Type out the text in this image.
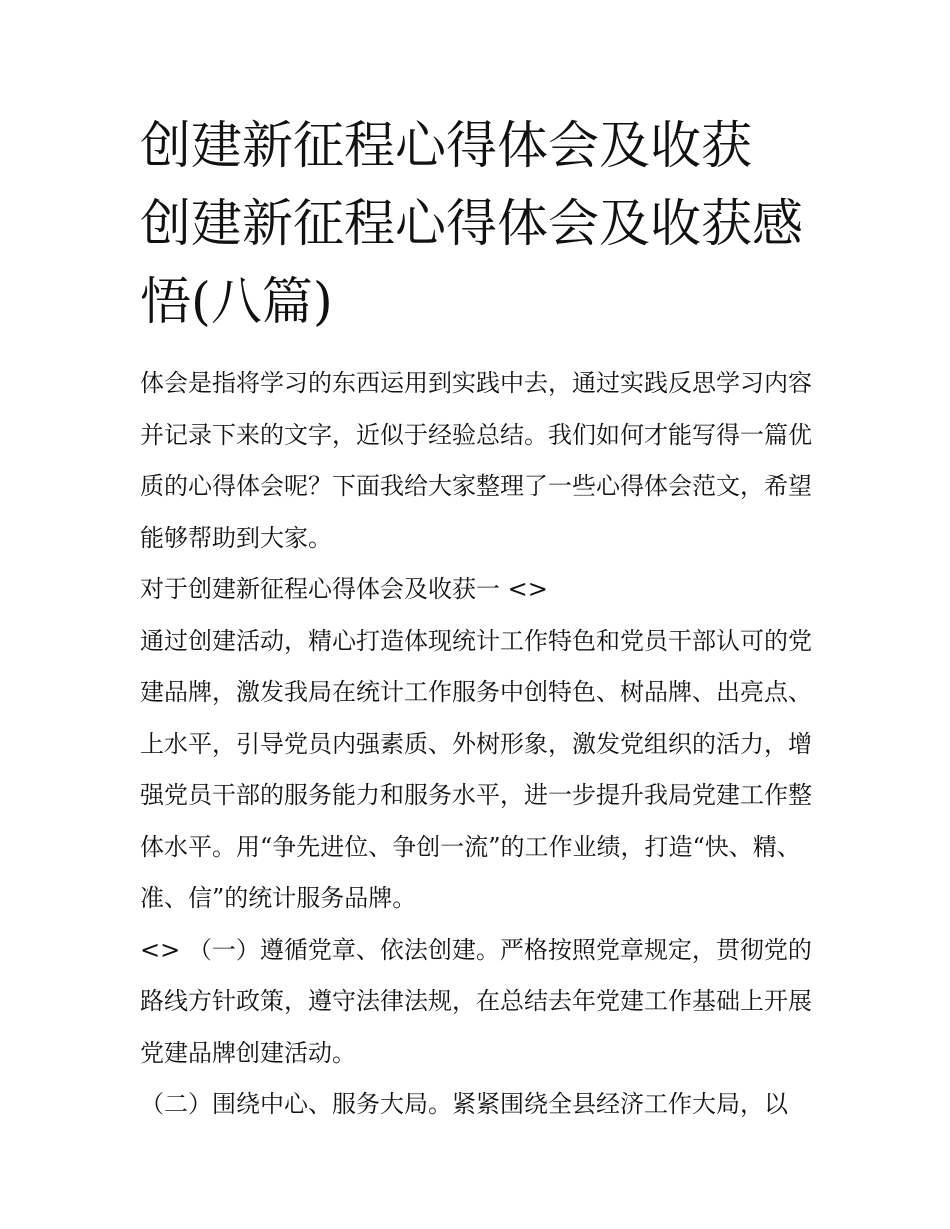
创建新征程心得体会及收获 创建新征程心得体会及收获感悟(八篇)

体会是指将学习的东西运用到实践中去，通过实践反思学习内容并记录下来的文字，近似于经验总结。我们如何才能写得一篇优质的心得体会呢？下面我给大家整理了一些心得体会范文，希望能够帮助到大家。

对于创建新征程心得体会及收获一 <>

通过创建活动，精心打造体现统计工作特色和党员干部认可的党建品牌，激发我局在统计工作服务中创特色、树品牌、出亮点、上水平，引导党员内强素质、外树形象，激发党组织的活力，增强党员干部的服务能力和服务水平，进一步提升我局党建工作整体水平。用“争先进位、争创一流”的工作业绩，打造“快、精、准、信”的统计服务品牌。

<> （一）遵循党章、依法创建。严格按照党章规定，贯彻党的路线方针政策，遵守法律法规，在总结去年党建工作基础上开展党建品牌创建活动。

（二）围绕中心、服务大局。紧紧围绕全县经济工作大局，以
